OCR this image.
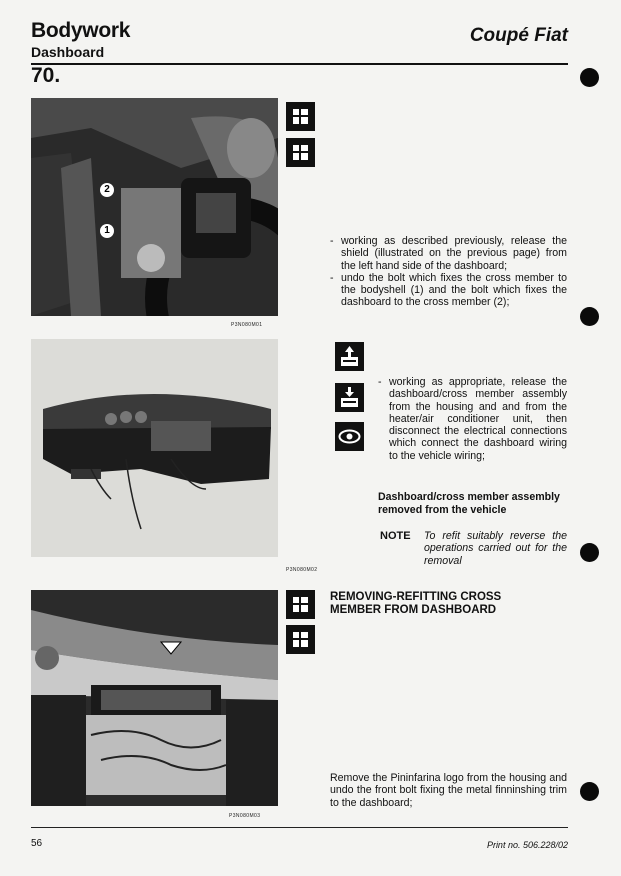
Bodywork
Dashboard
Coupé Fiat
70.
2
1
P3N080M01
P3N080M02
P3N080M03

- working as described previously, release the shield (illustrated on the previous page) from the left hand side of the dashboard;

- undo the bolt which fixes the cross member to the bodyshell (1) and the bolt which fixes the dashboard to the cross member (2);

- working as appropriate, release the dashboard/cross member assembly from the housing and and from the heater/air conditioner unit, then disconnect the electrical connections which connect the dashboard wiring to the vehicle wiring;

Dashboard/cross member assembly removed from the vehicle
NOTE To refit suitably reverse the operations carried out for the removal
REMOVING-REFITTING CROSS
MEMBER FROM DASHBOARD
Remove the Pininfarina logo from the housing and undo the front bolt fixing the metal finninshing trim to the dashboard;
56	Print no. 506.228/02
